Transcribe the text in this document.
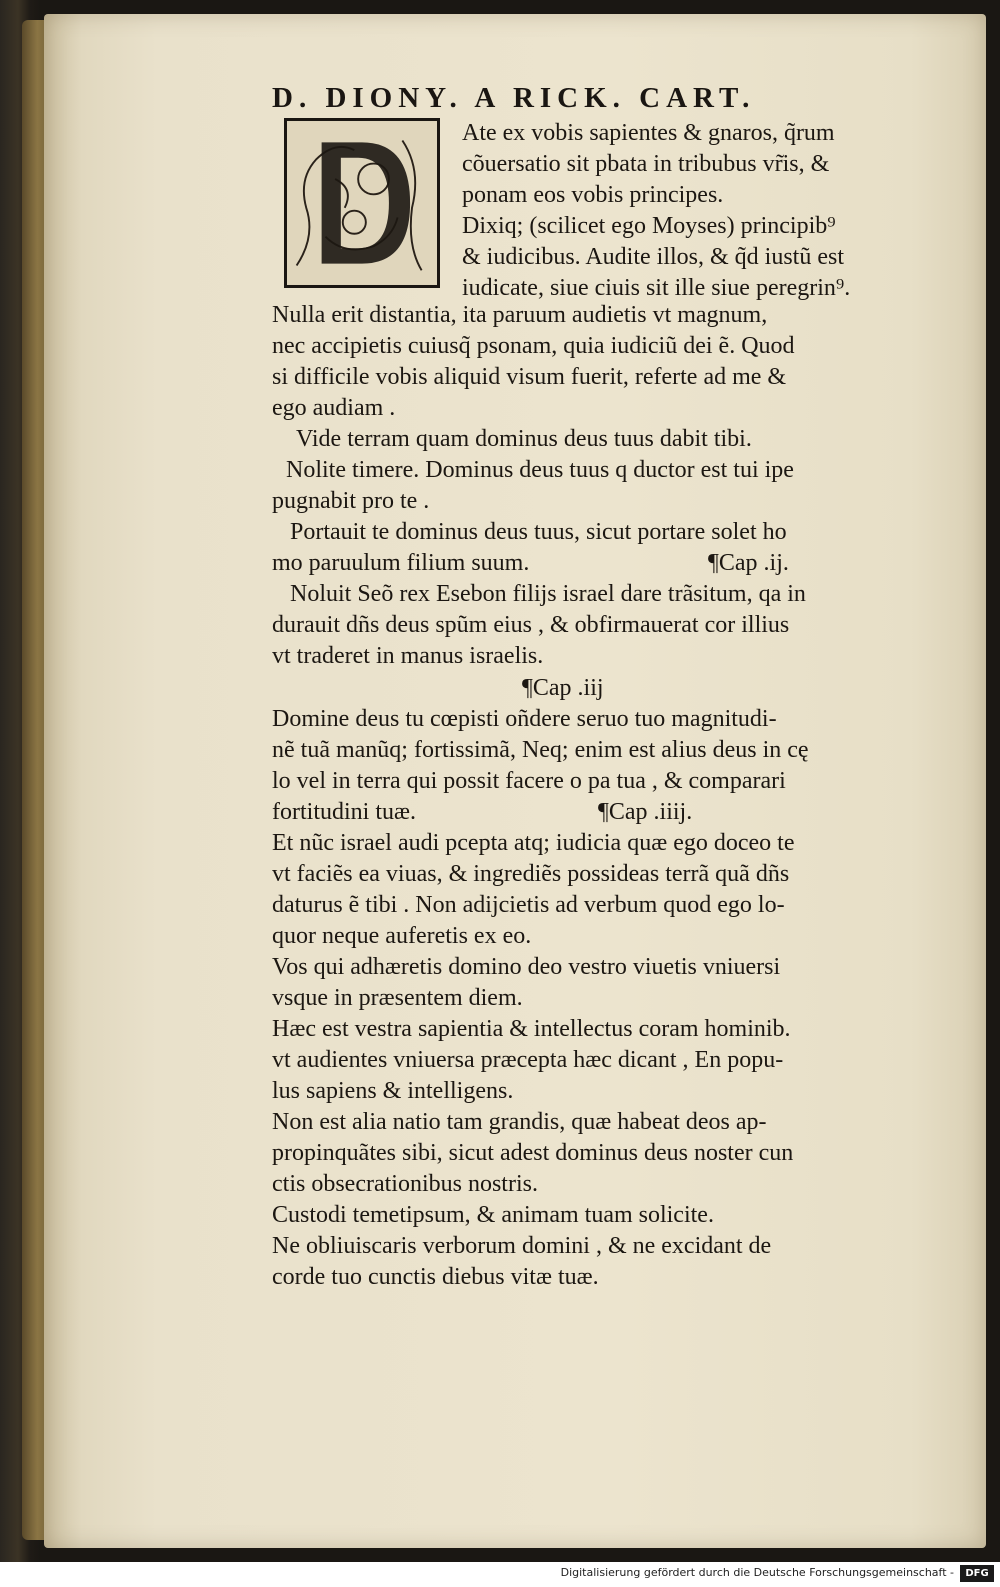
D. DIONY. A RICK. CART.
Ate ex vobis sapientes & gnaros, q̃rum
cõuersatio sit pbata in tribubus vr̃is, &
ponam eos vobis principes.
Dixiq; (scilicet ego Moyses) principib⁹
& iudicibus. Audite illos, & q̃d iustũ est
iudicate, siue ciuis sit ille siue peregrin⁹.
Nulla erit distantia, ita paruum audietis vt magnum,
nec accipietis cuiusq̃ psonam, quia iudiciũ dei ẽ. Quod
si difficile vobis aliquid visum fuerit, referte ad me &
ego audiam .
Vide terram quam dominus deus tuus dabit tibi.
Nolite timere. Dominus deus tuus q ductor est tui ipe
pugnabit pro te .
Portauit te dominus deus tuus, sicut portare solet ho
mo paruulum filium suum.	¶Cap .ij.
Noluit Seõ rex Esebon filijs israel dare trãsitum, qa in
durauit dñs deus spũm eius , & obfirmauerat cor illius
vt traderet in manus israelis.
¶Cap .iij
Domine deus tu cœpisti oñdere seruo tuo magnitudi-
nẽ tuã manũq; fortissimã, Neq; enim est alius deus in cę
lo vel in terra qui possit facere o pa tua , & comparari
fortitudini tuæ.	¶Cap .iiij.
Et nũc israel audi pcepta atq; iudicia quæ ego doceo te
vt faciẽs ea viuas, & ingrediẽs possideas terrã quã dñs
daturus ẽ tibi . Non adijcietis ad verbum quod ego lo-
quor neque auferetis ex eo.
Vos qui adhæretis domino deo vestro viuetis vniuersi
vsque in præsentem diem.
Hæc est vestra sapientia & intellectus coram hominib.
vt audientes vniuersa præcepta hæc dicant , En popu-
lus sapiens & intelligens.
Non est alia natio tam grandis, quæ habeat deos ap-
propinquãtes sibi, sicut adest dominus deus noster cun
ctis obsecrationibus nostris.
Custodi temetipsum, & animam tuam solicite.
Ne obliuiscaris verborum domini , & ne excidant de
corde tuo cunctis diebus vitæ tuæ.
Digitalisierung gefördert durch die Deutsche Forschungsgemeinschaft -	DFG
